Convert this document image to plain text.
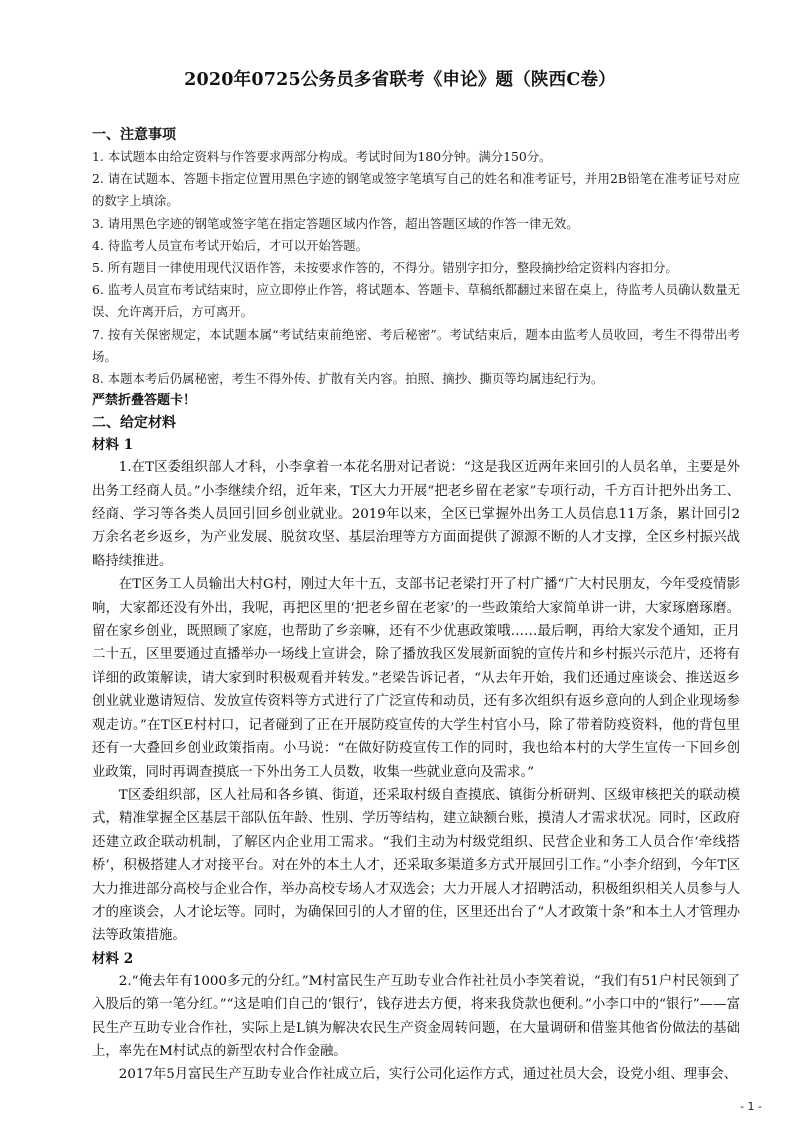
2020年0725公务员多省联考《申论》题（陕西C卷）

一、注意事项

1. 本试题本由给定资料与作答要求两部分构成。考试时间为180分钟。满分150分。

2. 请在试题本、答题卡指定位置用黑色字迹的钢笔或签字笔填写自己的姓名和准考证号，并用2B铅笔在准考证号对应的数字上填涂。

3. 请用黑色字迹的钢笔或签字笔在指定答题区域内作答，超出答题区域的作答一律无效。

4. 待监考人员宣布考试开始后，才可以开始答题。

5. 所有题目一律使用现代汉语作答，未按要求作答的，不得分。错别字扣分，整段摘抄给定资料内容扣分。

6. 监考人员宣布考试结束时，应立即停止作答，将试题本、答题卡、草稿纸都翻过来留在桌上，待监考人员确认数量无误、允许离开后，方可离开。

7. 按有关保密规定，本试题本属“考试结束前绝密、考后秘密”。考试结束后，题本由监考人员收回，考生不得带出考场。

8. 本题本考后仍属秘密，考生不得外传、扩散有关内容。拍照、摘抄、撕页等均属违纪行为。

严禁折叠答题卡！

二、给定材料

材料 1

1.在T区委组织部人才科，小李拿着一本花名册对记者说：“这是我区近两年来回引的人员名单，主要是外出务工经商人员。”小李继续介绍，近年来，T区大力开展“把老乡留在老家”专项行动，千方百计把外出务工、经商、学习等各类人员回引回乡创业就业。2019年以来，全区已掌握外出务工人员信息11万条，累计回引2万余名老乡返乡，为产业发展、脱贫攻坚、基层治理等方方面面提供了源源不断的人才支撑，全区乡村振兴战略持续推进。

在T区务工人员输出大村G村，刚过大年十五，支部书记老梁打开了村广播“广大村民朋友，今年受疫情影响，大家都还没有外出，我呢，再把区里的‘把老乡留在老家’的一些政策给大家简单讲一讲，大家琢磨琢磨。留在家乡创业，既照顾了家庭，也帮助了乡亲嘛，还有不少优惠政策哦……最后啊，再给大家发个通知，正月二十五，区里要通过直播举办一场线上宣讲会，除了播放我区发展新面貌的宣传片和乡村振兴示范片，还将有详细的政策解读，请大家到时积极观看并转发。”老梁告诉记者，“从去年开始，我们还通过座谈会、推送返乡创业就业邀请短信、发放宣传资料等方式进行了广泛宣传和动员，还有多次组织有返乡意向的人到企业现场参观走访。”在T区E村村口，记者碰到了正在开展防疫宣传的大学生村官小马，除了带着防疫资料，他的背包里还有一大叠回乡创业政策指南。小马说：“在做好防疫宣传工作的同时，我也给本村的大学生宣传一下回乡创业政策，同时再调查摸底一下外出务工人员数，收集一些就业意向及需求。”

T区委组织部，区人社局和各乡镇、街道，还采取村级自查摸底、镇街分析研判、区级审核把关的联动模式，精准掌握全区基层干部队伍年龄、性别、学历等结构，建立缺额台账，摸清人才需求状况。同时，区政府还建立政企联动机制，了解区内企业用工需求。“我们主动为村级党组织、民营企业和务工人员合作‘牵线搭桥’，积极搭建人才对接平台。对在外的本土人才，还采取多渠道多方式开展回引工作。”小李介绍到，今年T区大力推进部分高校与企业合作，举办高校专场人才双选会；大力开展人才招聘活动，积极组织相关人员参与人才的座谈会，人才论坛等。同时，为确保回引的人才留的住，区里还出台了“人才政策十条”和本土人才管理办法等政策措施。

材料 2

2.“俺去年有1000多元的分红。”M村富民生产互助专业合作社社员小李笑着说，“我们有51户村民领到了入股后的第一笔分红。”“这是咱们自己的‘银行’，钱存进去方便，将来我贷款也便利。”小李口中的“银行”——富民生产互助专业合作社，实际上是L镇为解决农民生产资金周转问题，在大量调研和借鉴其他省份做法的基础上，率先在M村试点的新型农村合作金融。

2017年5月富民生产互助专业合作社成立后，实行公司化运作方式，通过社员大会，设党小组、理事会、

- 1 -
